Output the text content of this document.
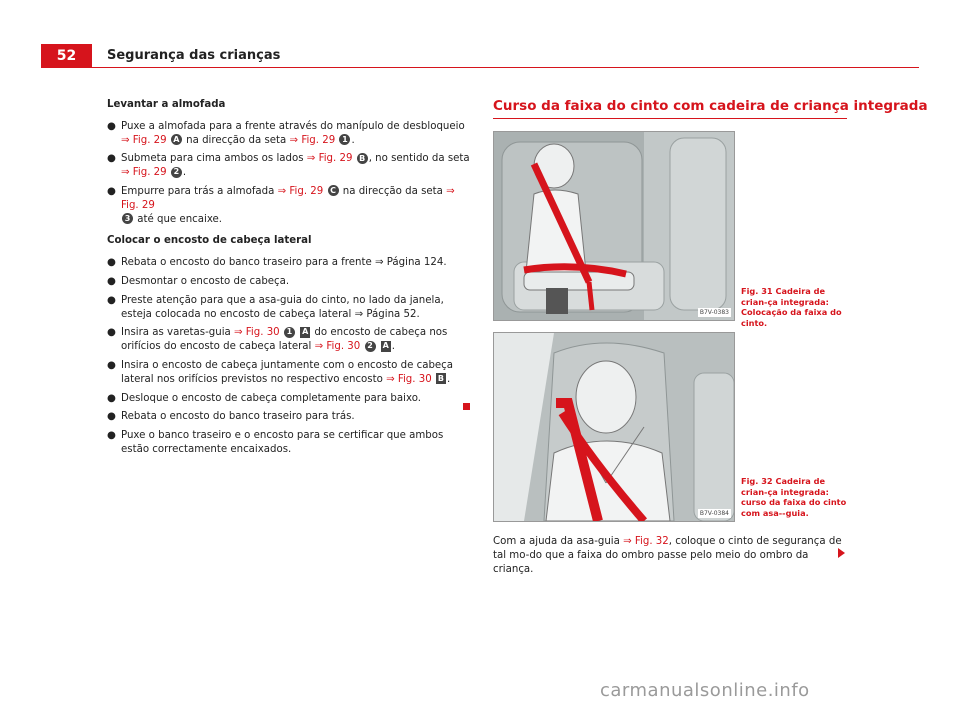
52	Segurança das crianças

Levantar a almofada

● Puxe a almofada para a frente através do manípulo de desbloqueio
⇒ Fig. 29 A na direcção da seta ⇒ Fig. 29 1 .
● Submeta para cima ambos os lados ⇒ Fig. 29 B , no sentido da seta
⇒ Fig. 29 2 .
● Empurre para trás a almofada ⇒ Fig. 29 C na direcção da seta ⇒ Fig. 29
3 até que encaixe.

Colocar o encosto de cabeça lateral

● Rebata o encosto do banco traseiro para a frente ⇒ Página 124.
● Desmontar o encosto de cabeça.
● Preste atenção para que a asa-guia do cinto, no lado da janela, esteja colocada no encosto de cabeça lateral ⇒ Página 52.
● Insira as varetas-guia ⇒ Fig. 30 1 A do encosto de cabeça nos orifícios do encosto de cabeça lateral ⇒ Fig. 30 2 A .
● Insira o encosto de cabeça juntamente com o encosto de cabeça lateral nos orifícios previstos no respectivo encosto ⇒ Fig. 30 B .
● Desloque o encosto de cabeça completamente para baixo.
● Rebata o encosto do banco traseiro para trás.
● Puxe o banco traseiro e o encosto para se certificar que ambos estão correctamente encaixados.
Curso da faixa do cinto com cadeira de criança integrada
B7V-0383
Fig. 31 Cadeira de crian-ça integrada: Colocação da faixa do cinto.
B7V-0384
Fig. 32 Cadeira de crian-ça integrada: curso da faixa do cinto com asa--guia.
Com a ajuda da asa-guia ⇒ Fig. 32, coloque o cinto de segurança de tal mo-do que a faixa do ombro passe pelo meio do ombro da criança.
carmanualsonline.info
